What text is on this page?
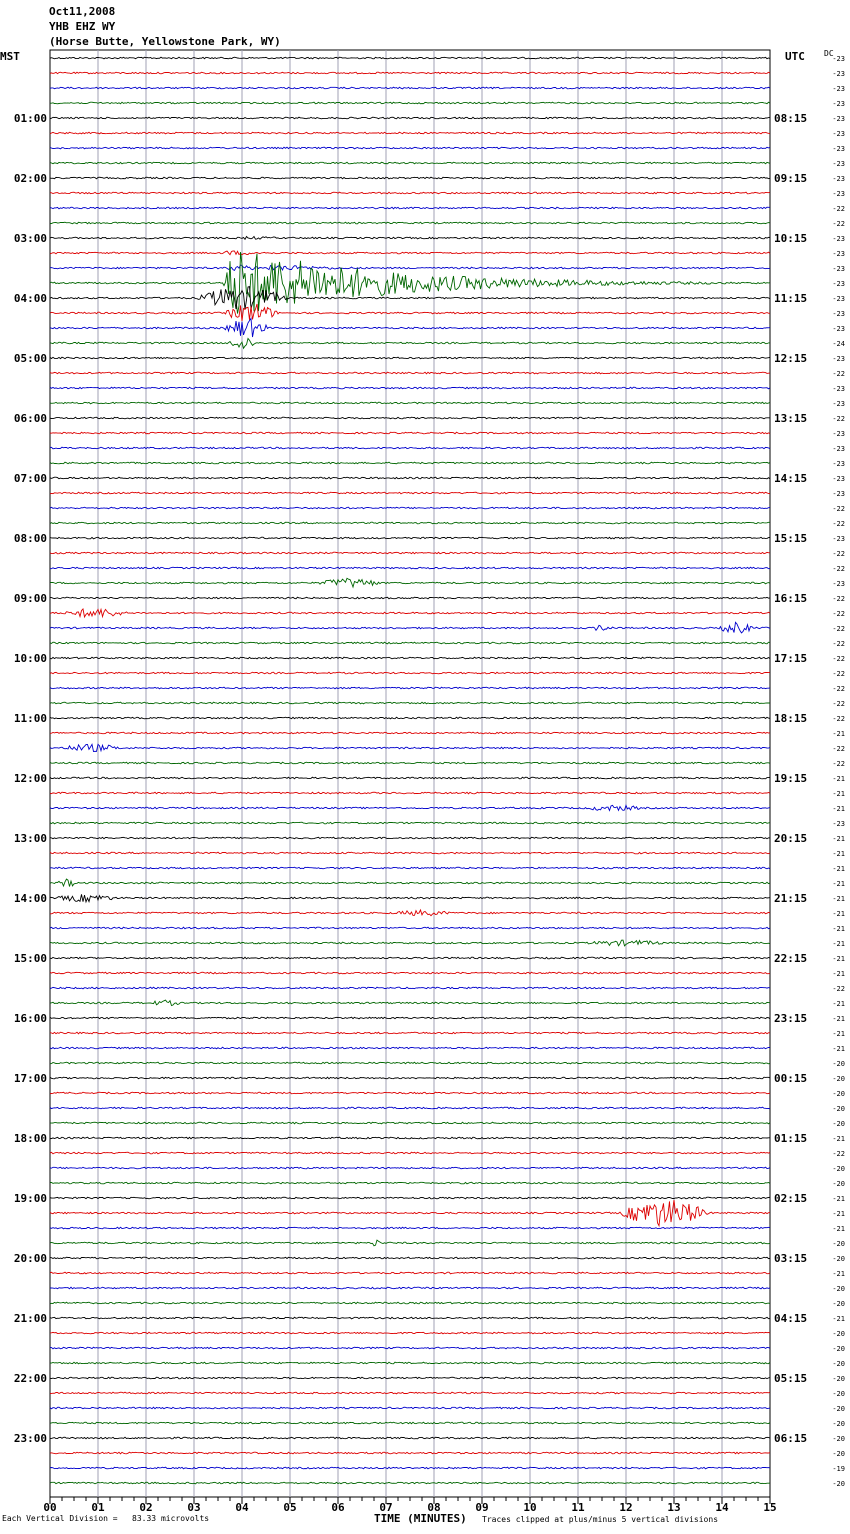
Oct11,2008
YHB EHZ WY
(Horse Butte, Yellowstone Park, WY)
MST	UTC DC
01:00
02:00
03:00
04:00
05:00
06:00
07:00
08:00
09:00
10:00
11:00
12:00
13:00
14:00
15:00
16:00
17:00
18:00
19:00
20:00
21:00
22:00
23:00
08:15
09:15
10:15
11:15
12:15
13:15
14:15
15:15
16:15
17:15
18:15
19:15
20:15
21:15
22:15
23:15
00:15
01:15
02:15
03:15
04:15
05:15
06:15
-23
-23
-23
-23
-23
-23
-23
-23
-23
-23
-22
-22
-23
-23
-23
-23
-23
-23
-23
-24
-23
-22
-23
-23
-22
-23
-23
-23
-23
-23
-22
-22
-23
-22
-22
-23
-22
-22
-22
-22
-22
-22
-22
-22
-22
-21
-22
-22
-21
-21
-21
-23
-21
-21
-21
-21
-21
-21
-21
-21
-21
-21
-22
-21
-21
-21
-21
-20
-20
-20
-20
-20
-21
-22
-20
-20
-21
-21
-21
-20
-20
-21
-20
-20
-21
-20
-20
-20
-20
-20
-20
-20
-20
-20
-19
-20
00	01	02	03	04	05	06	07	08	09	10	11	12	13	14	15
Each Vertical Division =   83.33 microvolts	TIME (MINUTES) Traces clipped at plus/minus 5 vertical divisions
